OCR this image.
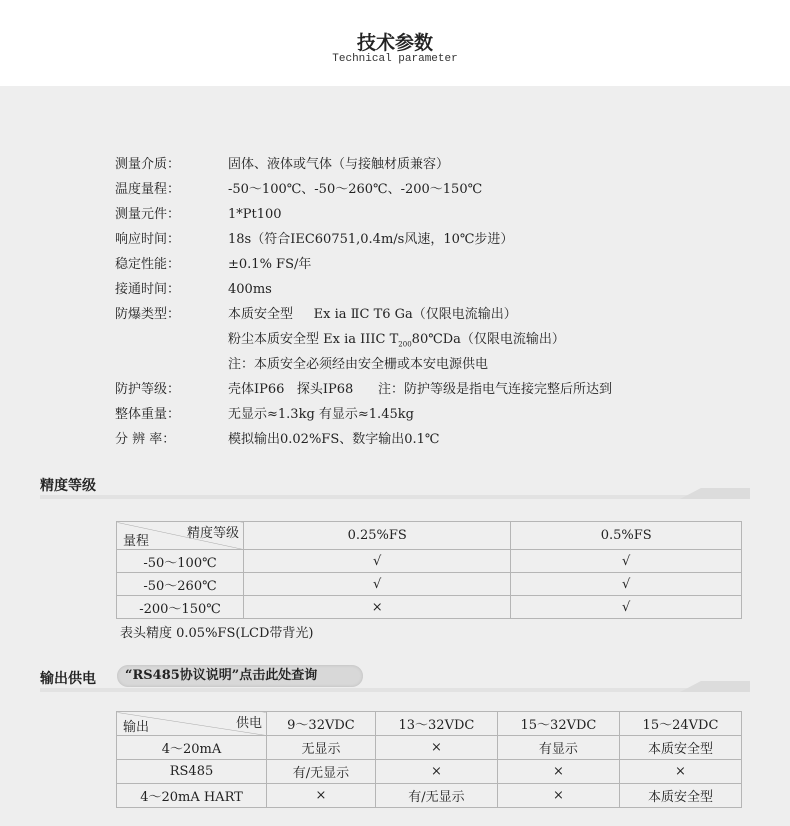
技术参数
Technical parameter
测量介质：	固体、液体或气体（与接触材质兼容）
温度量程：	-50～100℃、-50～260℃、-200～150℃
测量元件：	1*Pt100
响应时间：	18s（符合IEC60751,0.4m/s风速，10℃步进）
稳定性能：	±0.1% FS/年
接通时间：	400ms
防爆类型：	本质安全型     Ex ia ⅡC T6 Ga（仅限电流输出）
粉尘本质安全型 Ex ia IIIC $T_{200}80℃Da$（仅限电流输出）
注：本质安全必须经由安全栅或本安电源供电
防护等级：	壳体IP66   探头IP68      注：防护等级是指电气连接完整后所达到
整体重量：	无显示≈1.3kg 有显示≈1.45kg
分 辨 率：	模拟输出0.02%FS、数字输出0.1℃
精度等级
精度等级
量程	0.25%FS	0.5%FS
-50～100℃	√	√
-50～260℃	√	√
-200～150℃	×	√
表头精度 0.05%FS(LCD带背光)
输出供电	“RS485协议说明”点击此处查询
供电
输出	9～32VDC	13～32VDC	15～32VDC	15～24VDC
4～20mA	无显示	×	有显示	本质安全型
RS485	有/无显示	×	×	×
4～20mA HART	×	有/无显示	×	本质安全型
